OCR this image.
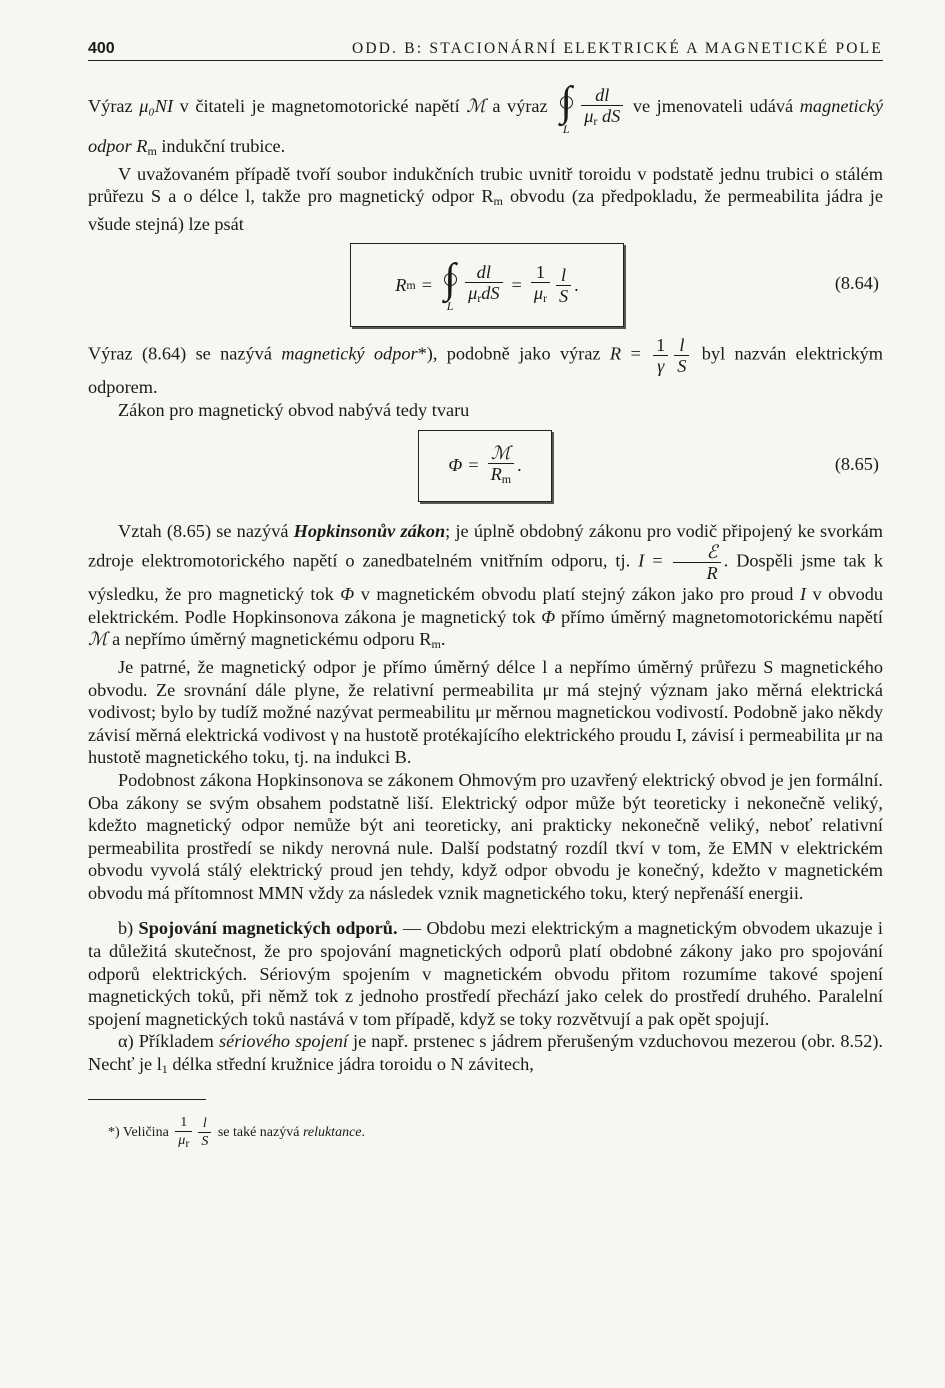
400	ODD. B: STACIONÁRNÍ ELEKTRICKÉ A MAGNETICKÉ POLE

Výraz μ₀NI v čitateli je magnetomotorické napětí ℳ a výraz ∫
L $\frac{dl}{\mu_r dS}$ ve jmenovateli udává magnetický odpor $R_m$ indukční trubice.

V uvažovaném případě tvoří soubor indukčních trubic uvnitř toroidu v podstatě jednu trubici o stálém průřezu S a o délce l, takže pro magnetický odpor $R_m$ obvodu (za předpokladu, že permeabilita jádra je všude stejná) lze psát

R m = ∫
L $\frac{dl}{\mu_rdS} = \frac{1}{\mu_r} \frac{l}{S}$ .	(8.64)

Výraz (8.64) se nazývá magnetický odpor*), podobně jako výraz $R = \frac{1}{\gamma} \frac{l}{S}$ byl nazván elektrickým odporem.

Zákon pro magnetický obvod nabývá tedy tvaru

$\Phi = \frac{\text{ℳ}}{R_m}$ .	(8.65)

Vztah (8.65) se nazývá Hopkinsonův zákon; je úplně obdobný zákonu pro vodič připojený ke svorkám zdroje elektromotorického napětí o zanedbatelném vnitřním odporu, tj. $I = \frac{\text{ℰ}}{R}$ . Dospěli jsme tak k výsledku, že pro magnetický tok Φ v magnetickém obvodu platí stejný zákon jako pro proud I v obvodu elektrickém. Podle Hopkinsonova zákona je magnetický tok Φ přímo úměrný magnetomotorickému napětí ℳ a nepřímo úměrný magnetickému odporu $R_m$.

Je patrné, že magnetický odpor je přímo úměrný délce l a nepřímo úměrný průřezu S magnetického obvodu. Ze srovnání dále plyne, že relativní permeabilita μr má stejný význam jako měrná elektrická vodivost; bylo by tudíž možné nazývat permeabilitu μr měrnou magnetickou vodivostí. Podobně jako někdy závisí měrná elektrická vodivost γ na hustotě protékajícího elektrického proudu I, závisí i permeabilita μr na hustotě magnetického toku, tj. na indukci B.

Podobnost zákona Hopkinsonova se zákonem Ohmovým pro uzavřený elektrický obvod je jen formální. Oba zákony se svým obsahem podstatně liší. Elektrický odpor může být teoreticky i nekonečně veliký, kdežto magnetický odpor nemůže být ani teoreticky, ani prakticky nekonečně veliký, neboť relativní permeabilita prostředí se nikdy nerovná nule. Další podstatný rozdíl tkví v tom, že EMN v elektrickém obvodu vyvolá stálý elektrický proud jen tehdy, když odpor obvodu je konečný, kdežto v magnetickém obvodu má přítomnost MMN vždy za následek vznik magnetického toku, který nepřenáší energii.

b) Spojování magnetických odporů. — Obdobu mezi elektrickým a magnetickým obvodem ukazuje i ta důležitá skutečnost, že pro spojování magnetických odporů platí obdobné zákony jako pro spojování odporů elektrických. Sériovým spojením v magnetickém obvodu přitom rozumíme takové spojení magnetických toků, při němž tok z jednoho prostředí přechází jako celek do prostředí druhého. Paralelní spojení magnetických toků nastává v tom případě, když se toky rozvětvují a pak opět spojují.

α) Příkladem sériového spojení je např. prstenec s jádrem přerušeným vzduchovou mezerou (obr. 8.52). Nechť je $l_1$ délka střední kružnice jádra toroidu o N závitech,

*) Veličina $\frac{1}{\mu_r} \frac{l}{S}$ se také nazývá reluktance.
